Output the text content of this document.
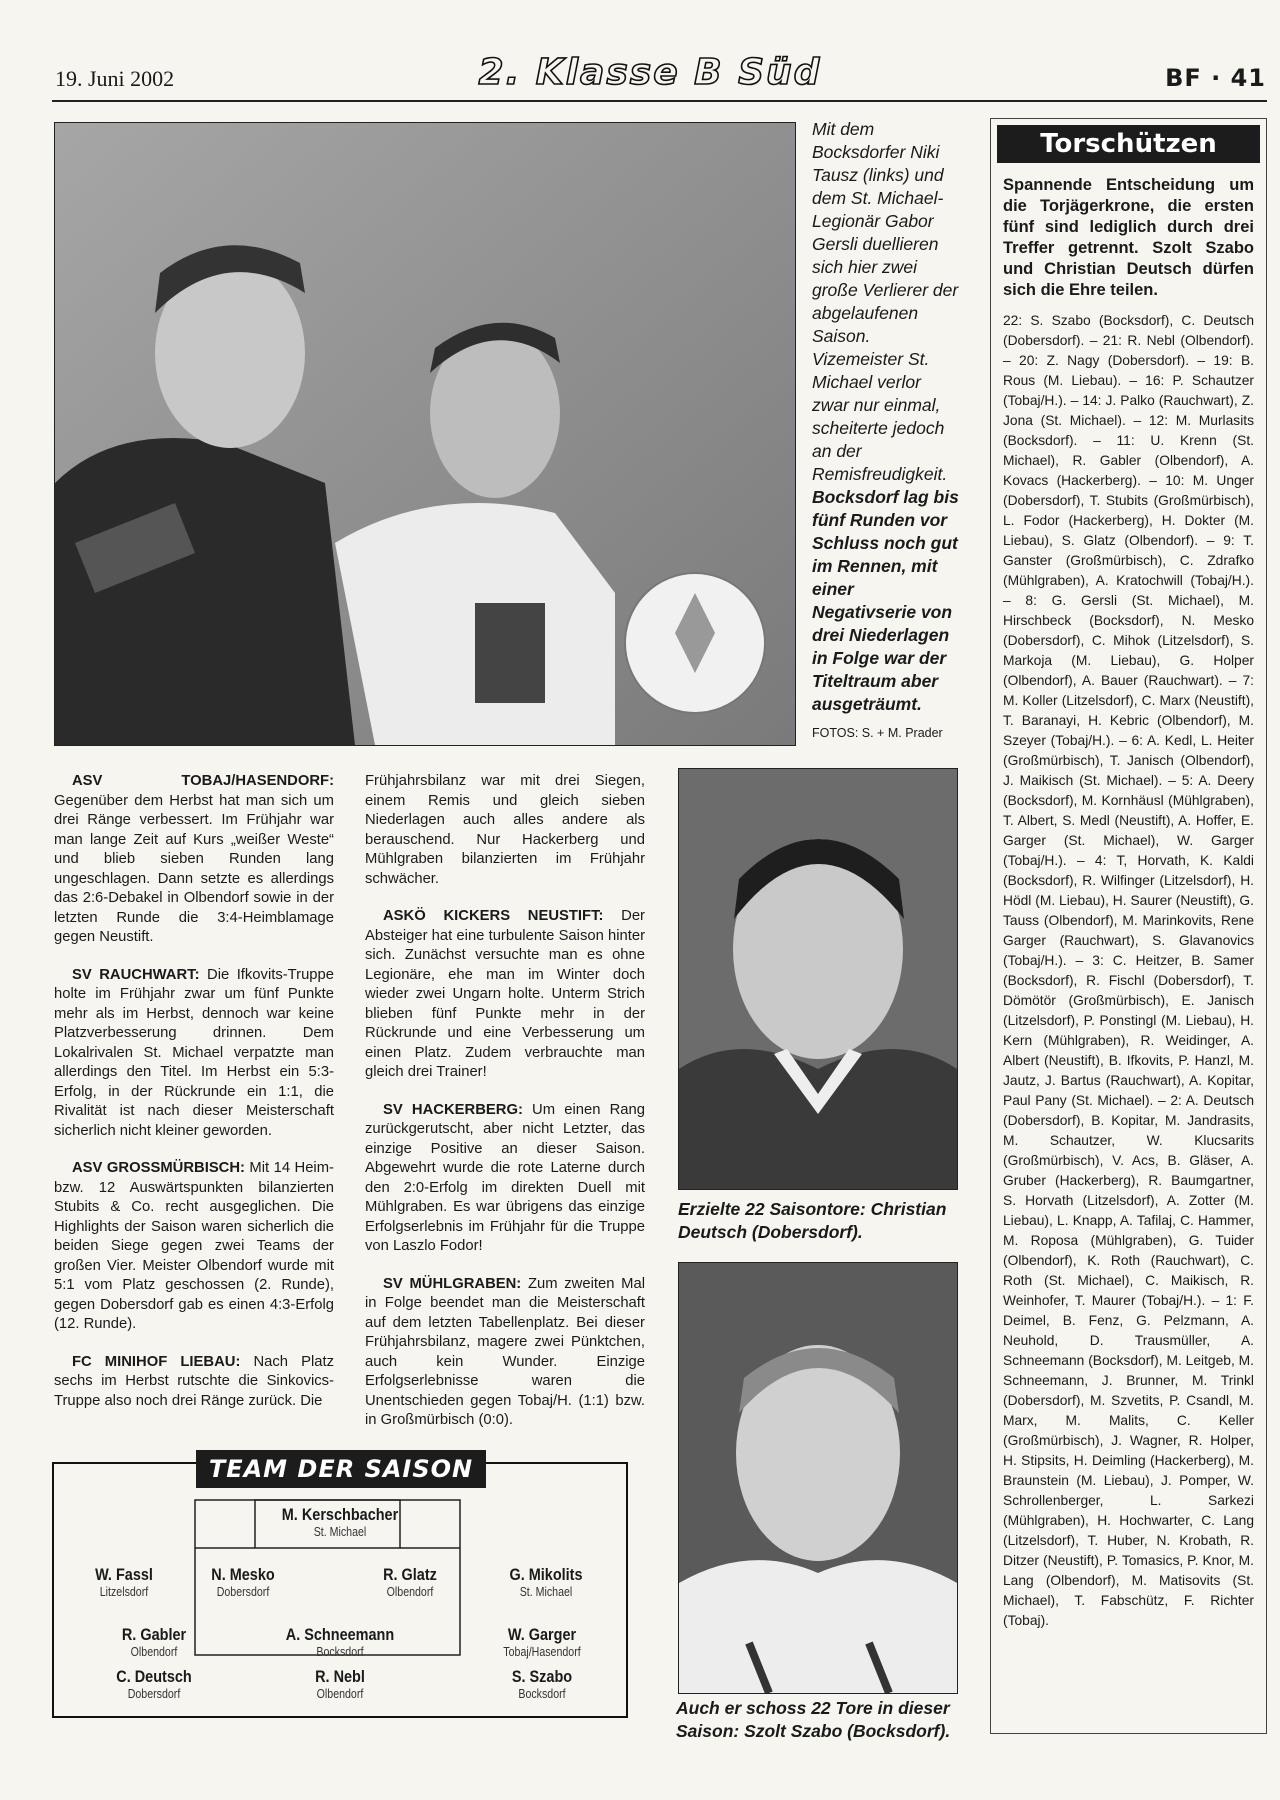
19. Juni 2002	2. Klasse B Süd	BF · 41
Mit dem Bocksdorfer Niki Tausz (links) und dem St. Michael-Legionär Gabor Gersli duellieren sich hier zwei große Verlierer der abgelaufenen Saison. Vizemeister St. Michael verlor zwar nur einmal, scheiterte jedoch an der Remisfreudigkeit. Bocksdorf lag bis fünf Runden vor Schluss noch gut im Rennen, mit einer Negativserie von drei Niederlagen in Folge war der Titeltraum aber ausgeträumt.
FOTOS: S. + M. Prader
Torschützen
Spannende Entscheidung um die Torjägerkrone, die ersten fünf sind lediglich durch drei Treffer getrennt. Szolt Szabo und Christian Deutsch dürfen sich die Ehre teilen.
22: S. Szabo (Bocksdorf), C. Deutsch (Dobersdorf). – 21: R. Nebl (Olbendorf). – 20: Z. Nagy (Dobersdorf). – 19: B. Rous (M. Liebau). – 16: P. Schautzer (Tobaj/H.). – 14: J. Palko (Rauchwart), Z. Jona (St. Michael). – 12: M. Murlasits (Bocksdorf). – 11: U. Krenn (St. Michael), R. Gabler (Olbendorf), A. Kovacs (Hackerberg). – 10: M. Unger (Dobersdorf), T. Stubits (Großmürbisch), L. Fodor (Hackerberg), H. Dokter (M. Liebau), S. Glatz (Olbendorf). – 9: T. Ganster (Großmürbisch), C. Zdrafko (Mühlgraben), A. Kratochwill (Tobaj/H.). – 8: G. Gersli (St. Michael), M. Hirschbeck (Bocksdorf), N. Mesko (Dobersdorf), C. Mihok (Litzelsdorf), S. Markoja (M. Liebau), G. Holper (Olbendorf), A. Bauer (Rauchwart). – 7: M. Koller (Litzelsdorf), C. Marx (Neustift), T. Baranayi, H. Kebric (Olbendorf), M. Szeyer (Tobaj/H.). – 6: A. Kedl, L. Heiter (Großmürbisch), T. Janisch (Olbendorf), J. Maikisch (St. Michael). – 5: A. Deery (Bocksdorf), M. Kornhäusl (Mühlgraben), T. Albert, S. Medl (Neustift), A. Hoffer, E. Garger (St. Michael), W. Garger (Tobaj/H.). – 4: T, Horvath, K. Kaldi (Bocksdorf), R. Wilfinger (Litzelsdorf), H. Hödl (M. Liebau), H. Saurer (Neustift), G. Tauss (Olbendorf), M. Marinkovits, Rene Garger (Rauchwart), S. Glavanovics (Tobaj/H.). – 3: C. Heitzer, B. Samer (Bocksdorf), R. Fischl (Dobersdorf), T. Dömötör (Großmürbisch), E. Janisch (Litzelsdorf), P. Ponstingl (M. Liebau), H. Kern (Mühlgraben), R. Weidinger, A. Albert (Neustift), B. Ifkovits, P. Hanzl, M. Jautz, J. Bartus (Rauchwart), A. Kopitar, Paul Pany (St. Michael). – 2: A. Deutsch (Dobersdorf), B. Kopitar, M. Jandrasits, M. Schautzer, W. Klucsarits (Großmürbisch), V. Acs, B. Gläser, A. Gruber (Hackerberg), R. Baumgartner, S. Horvath (Litzelsdorf), A. Zotter (M. Liebau), L. Knapp, A. Tafilaj, C. Hammer, M. Roposa (Mühlgraben), G. Tuider (Olbendorf), K. Roth (Rauchwart), C. Roth (St. Michael), C. Maikisch, R. Weinhofer, T. Maurer (Tobaj/H.). – 1: F. Deimel, B. Fenz, G. Pelzmann, A. Neuhold, D. Trausmüller, A. Schneemann (Bocksdorf), M. Leitgeb, M. Schneemann, J. Brunner, M. Trinkl (Dobersdorf), M. Szvetits, P. Csandl, M. Marx, M. Malits, C. Keller (Großmürbisch), J. Wagner, R. Holper, H. Stipsits, H. Deimling (Hackerberg), M. Braunstein (M. Liebau), J. Pomper, W. Schrollenberger, L. Sarkezi (Mühlgraben), H. Hochwarter, C. Lang (Litzelsdorf), T. Huber, N. Krobath, R. Ditzer (Neustift), P. Tomasics, P. Knor, M. Lang (Olbendorf), M. Matisovits (St. Michael), T. Fabschütz, F. Richter (Tobaj).

ASV TOBAJ/HASENDORF: Gegenüber dem Herbst hat man sich um drei Ränge verbessert. Im Frühjahr war man lange Zeit auf Kurs „weißer Weste“ und blieb sieben Runden lang ungeschlagen. Dann setzte es allerdings das 2:6-Debakel in Olbendorf sowie in der letzten Runde die 3:4-Heimblamage gegen Neustift.

SV RAUCHWART: Die Ifkovits-Truppe holte im Frühjahr zwar um fünf Punkte mehr als im Herbst, dennoch war keine Platzverbesserung drinnen. Dem Lokalrivalen St. Michael verpatzte man allerdings den Titel. Im Herbst ein 5:3-Erfolg, in der Rückrunde ein 1:1, die Rivalität ist nach dieser Meisterschaft sicherlich nicht kleiner geworden.

ASV GROSSMÜRBISCH: Mit 14 Heim- bzw. 12 Auswärtspunkten bilanzierten Stubits & Co. recht ausgeglichen. Die Highlights der Saison waren sicherlich die beiden Siege gegen zwei Teams der großen Vier. Meister Olbendorf wurde mit 5:1 vom Platz geschossen (2. Runde), gegen Dobersdorf gab es einen 4:3-Erfolg (12. Runde).

FC MINIHOF LIEBAU: Nach Platz sechs im Herbst rutschte die Sinkovics-Truppe also noch drei Ränge zurück. Die

Frühjahrsbilanz war mit drei Siegen, einem Remis und gleich sieben Niederlagen auch alles andere als berauschend. Nur Hackerberg und Mühlgraben bilanzierten im Frühjahr schwächer.

ASKÖ KICKERS NEUSTIFT: Der Absteiger hat eine turbulente Saison hinter sich. Zunächst versuchte man es ohne Legionäre, ehe man im Winter doch wieder zwei Ungarn holte. Unterm Strich blieben fünf Punkte mehr in der Rückrunde und eine Verbesserung um einen Platz. Zudem verbrauchte man gleich drei Trainer!

SV HACKERBERG: Um einen Rang zurückgerutscht, aber nicht Letzter, das einzige Positive an dieser Saison. Abgewehrt wurde die rote Laterne durch den 2:0-Erfolg im direkten Duell mit Mühlgraben. Es war übrigens das einzige Erfolgserlebnis im Frühjahr für die Truppe von Laszlo Fodor!

SV MÜHLGRABEN: Zum zweiten Mal in Folge beendet man die Meisterschaft auf dem letzten Tabellenplatz. Bei dieser Frühjahrsbilanz, magere zwei Pünktchen, auch kein Wunder. Einzige Erfolgserlebnisse waren die Unentschieden gegen Tobaj/H. (1:1) bzw. in Großmürbisch (0:0).

Erzielte 22 Saisontore: Christian Deutsch (Dobersdorf).
Auch er schoss 22 Tore in dieser Saison: Szolt Szabo (Bocksdorf).
TEAM DER SAISON
M. Kerschbacher
St. Michael
W. Fassl
Litzelsdorf
N. Mesko
Dobersdorf
R. Glatz
Olbendorf
G. Mikolits
St. Michael
R. Gabler
Olbendorf
A. Schneemann
Bocksdorf
W. Garger
Tobaj/Hasendorf
C. Deutsch
Dobersdorf
R. Nebl
Olbendorf
S. Szabo
Bocksdorf
